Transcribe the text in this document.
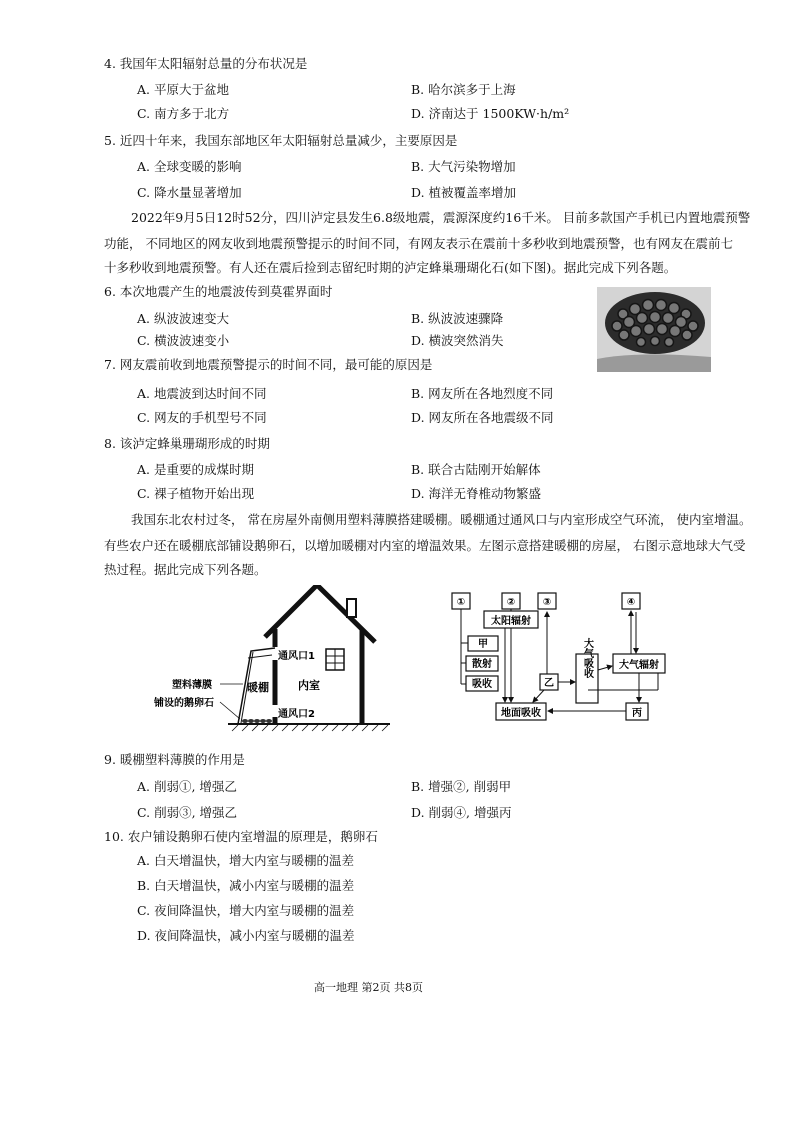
4. 我国年太阳辐射总量的分布状况是
A. 平原大于盆地	B. 哈尔滨多于上海
C. 南方多于北方	D. 济南达于 1500KW·h/m²
5. 近四十年来，我国东部地区年太阳辐射总量减少，主要原因是
A. 全球变暖的影响	B. 大气污染物增加
C. 降水量显著增加	D. 植被覆盖率增加
2022年9月5日12时52分，四川泸定县发生6.8级地震，震源深度约16千米。 目前多款国产手机已内置地震预警
功能， 不同地区的网友收到地震预警提示的时间不同，有网友表示在震前十多秒收到地震预警，也有网友在震前七
十多秒收到地震预警。有人还在震后捡到志留纪时期的泸定蜂巢珊瑚化石(如下图)。据此完成下列各题。
6. 本次地震产生的地震波传到莫霍界面时
A. 纵波波速变大	B. 纵波波速骤降
C. 横波波速变小	D. 横波突然消失
7. 网友震前收到地震预警提示的时间不同，最可能的原因是
A. 地震波到达时间不同	B. 网友所在各地烈度不同
C. 网友的手机型号不同	D. 网友所在各地震级不同
8. 该泸定蜂巢珊瑚形成的时期
A. 是重要的成煤时期	B. 联合古陆刚开始解体
C. 裸子植物开始出现	D. 海洋无脊椎动物繁盛
我国东北农村过冬， 常在房屋外南侧用塑料薄膜搭建暖棚。暖棚通过通风口与内室形成空气环流， 使内室增温。
有些农户还在暖棚底部铺设鹅卵石，以增加暖棚对内室的增温效果。左图示意搭建暖棚的房屋， 右图示意地球大气受
热过程。据此完成下列各题。
通风口1
通风口2
内室
暖棚
塑料薄膜
铺设的鹅卵石
①	②	③	④
太阳辐射
甲
散射
吸收	乙
大气辐射
地面吸收	丙
大气吸收
9. 暖棚塑料薄膜的作用是
A. 削弱①, 增强乙	B. 增强②, 削弱甲
C. 削弱③, 增强乙	D. 削弱④, 增强丙
10. 农户铺设鹅卵石使内室增温的原理是，鹅卵石
A. 白天增温快，增大内室与暖棚的温差
B. 白天增温快，减小内室与暖棚的温差
C. 夜间降温快，增大内室与暖棚的温差
D. 夜间降温快，减小内室与暖棚的温差
高一地理 第2页 共8页
